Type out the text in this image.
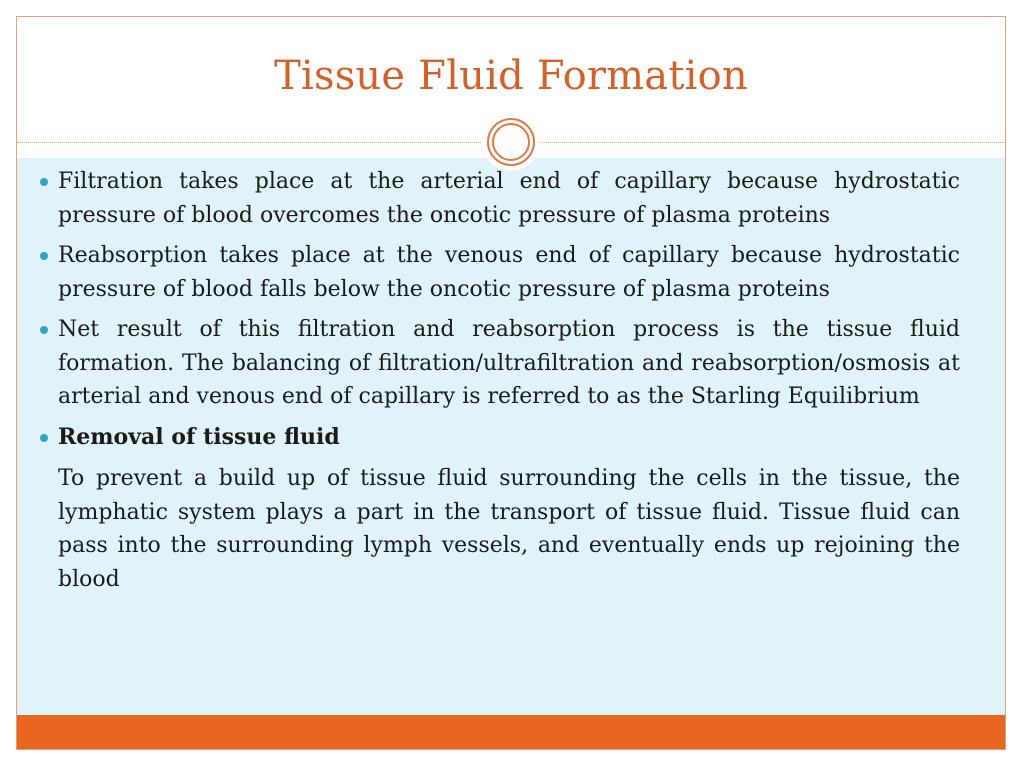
Tissue Fluid Formation
Filtration takes place at the arterial end of capillary because hydrostatic pressure of blood overcomes the oncotic pressure of plasma proteins
Reabsorption takes place at the venous end of capillary because hydrostatic pressure of blood falls below the oncotic pressure of plasma proteins
Net result of this filtration and reabsorption process is the tissue fluid formation. The balancing of filtration/ultrafiltration and reabsorption/osmosis at arterial and venous end of capillary is referred to as the Starling Equilibrium
Removal of tissue fluid

To prevent a build up of tissue fluid surrounding the cells in the tissue, the lymphatic system plays a part in the transport of tissue fluid. Tissue fluid can pass into the surrounding lymph vessels, and eventually ends up rejoining the blood
